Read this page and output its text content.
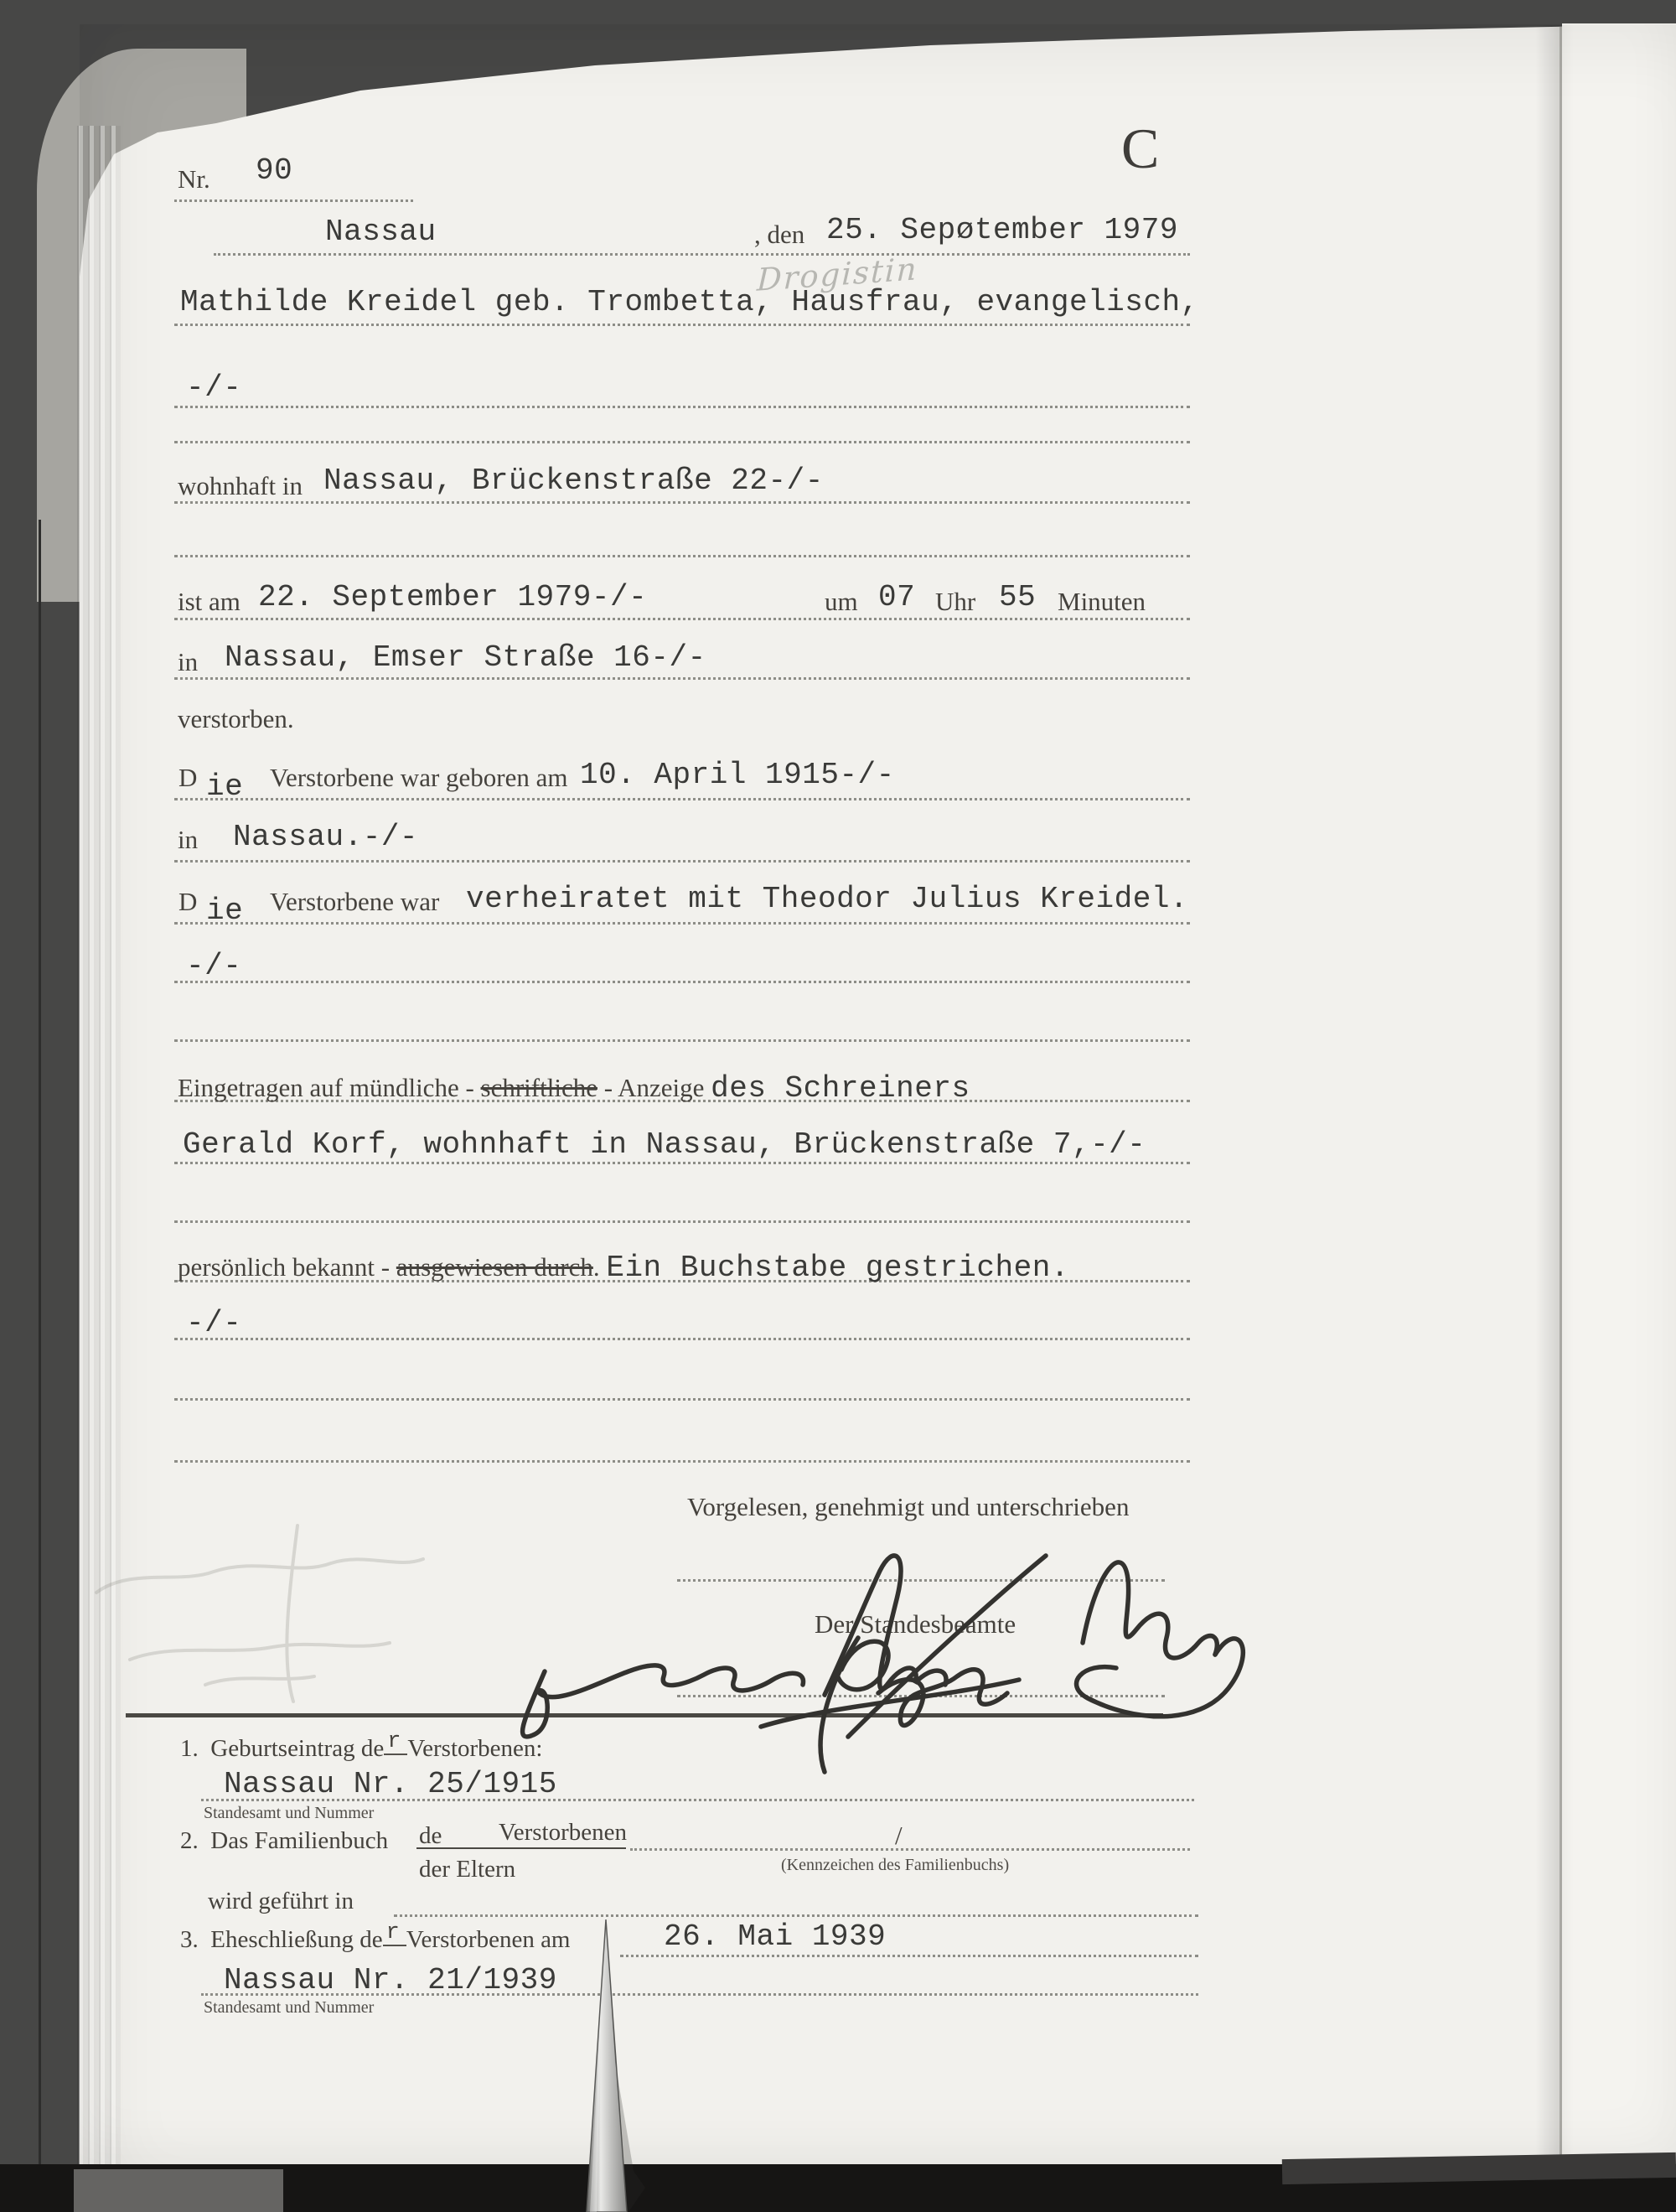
Nr. 90	C
Nassau	, den 25. Sepøtember 1979
Drogistin
Mathilde Kreidel geb. Trombetta, Hausfrau, evangelisch,
-/-
wohnhaft in Nassau, Brückenstraße 22-/-
ist am 22. September 1979-/-	um 07 Uhr 55 Minuten
in Nassau, Emser Straße 16-/-
verstorben.
D ie Verstorbene war geboren am 10. April 1915-/-
in Nassau.-/-
D ie Verstorbene war verheiratet mit Theodor Julius Kreidel.
-/-
Eingetragen auf mündliche - schriftliche - Anzeige des Schreiners
Gerald Korf, wohnhaft in Nassau, Brückenstraße 7,-/-
persönlich bekannt - ausgewiesen durch. Ein Buchstabe gestrichen.
-/-
Vorgelesen, genehmigt und unterschrieben
Der Standesbeamte
1. Geburtseintrag de r Verstorbenen:
Nassau Nr. 25/1915
Standesamt und Nummer
2. Das Familienbuch de Verstorbenen	/
der Eltern	(Kennzeichen des Familienbuchs)
wird geführt in
3. Eheschließung de r Verstorbenen am	26. Mai 1939
Nassau Nr. 21/1939
Standesamt und Nummer
